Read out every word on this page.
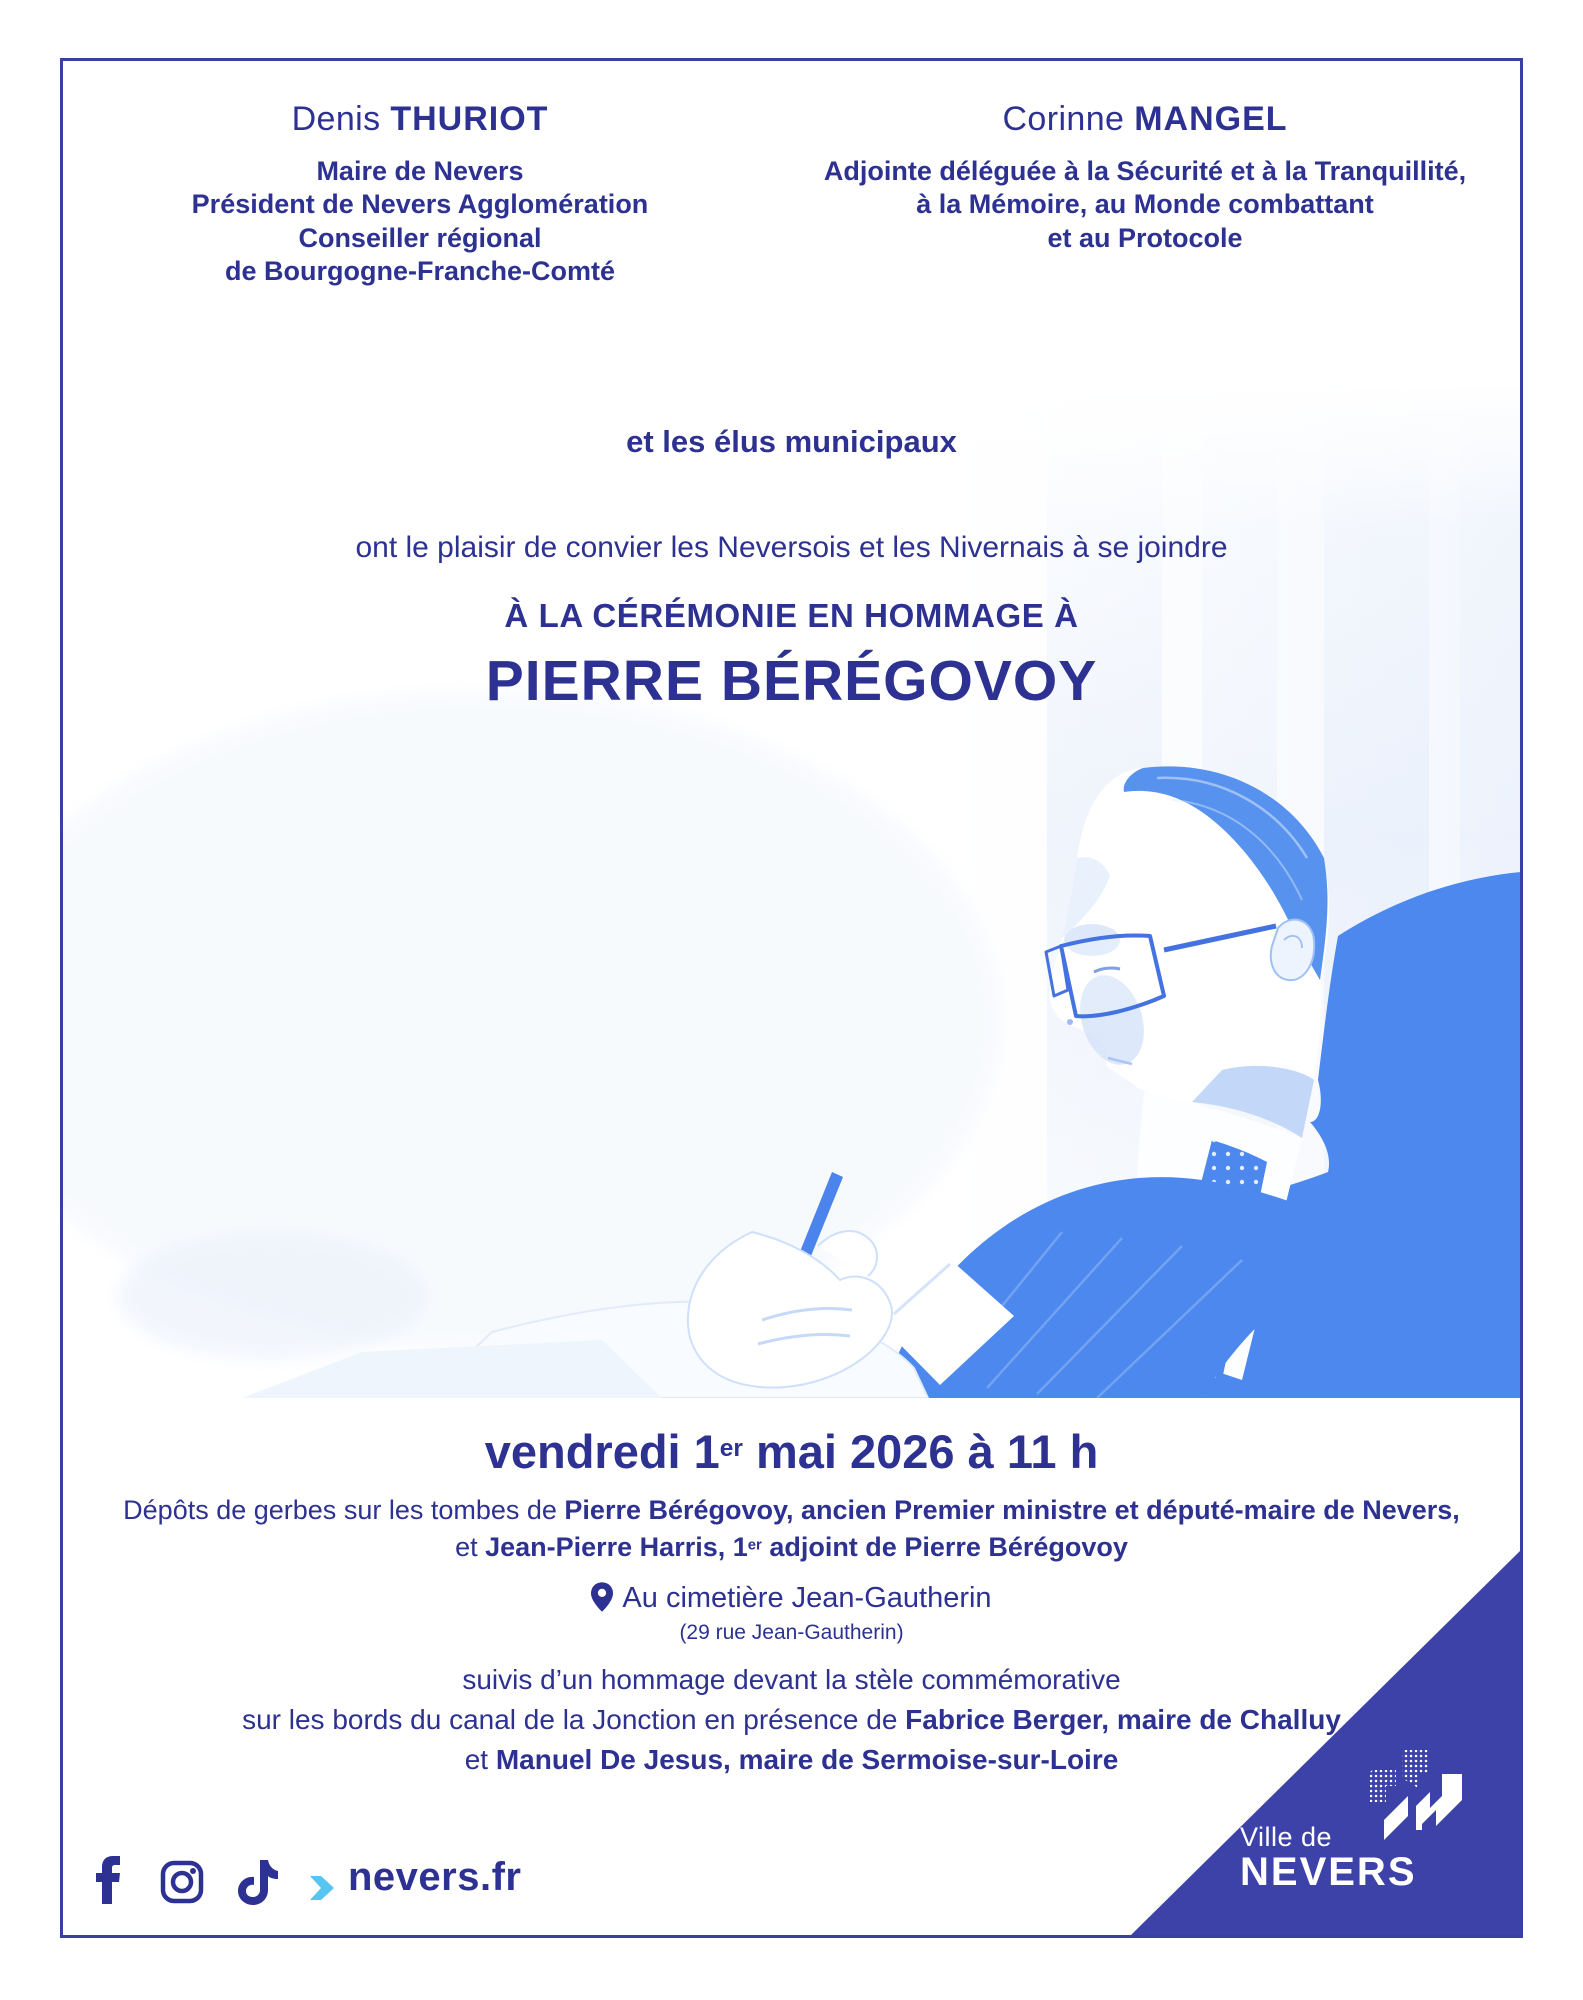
Denis THURIOT
Maire de Nevers
Président de Nevers Agglomération
Conseiller régional
de Bourgogne-Franche-Comté
Corinne MANGEL
Adjointe déléguée à la Sécurité et à la Tranquillité,
à la Mémoire, au Monde combattant
et au Protocole
et les élus municipaux
ont le plaisir de convier les Neversois et les Nivernais à se joindre
À LA CÉRÉMONIE EN HOMMAGE À
PIERRE BÉRÉGOVOY
vendredi 1er mai 2026 à 11 h
Dépôts de gerbes sur les tombes de Pierre Bérégovoy, ancien Premier ministre et député-maire de Nevers,
et Jean-Pierre Harris, 1er adjoint de Pierre Bérégovoy
Au cimetière Jean-Gautherin
(29 rue Jean-Gautherin)
suivis d’un hommage devant la stèle commémorative
sur les bords du canal de la Jonction en présence de Fabrice Berger, maire de Challuy
et Manuel De Jesus, maire de Sermoise-sur-Loire
Ville de
NEVERS
nevers.fr
